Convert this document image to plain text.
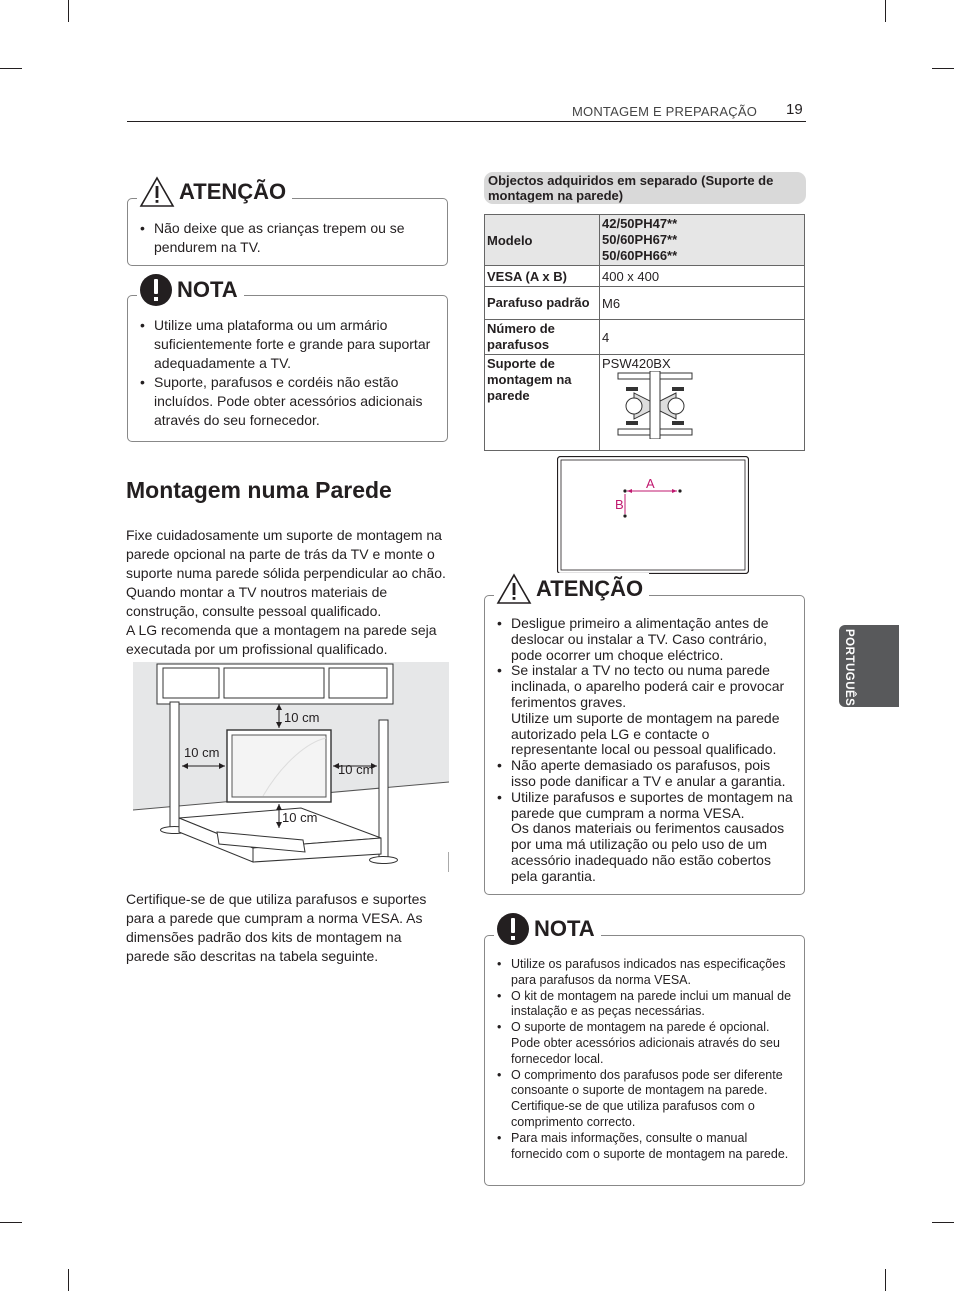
MONTAGEM E PREPARAÇÃO 19
PORTUGUÊS
ATENÇÃO
• Não deixe que as crianças trepem ou se pendurem na TV.
NOTA
• Utilize uma plataforma ou um armário suficientemente forte e grande para suportar adequadamente a TV.
• Suporte, parafusos e cordéis não estão incluídos. Pode obter acessórios adicionais através do seu fornecedor.
Montagem numa Parede
Fixe cuidadosamente um suporte de montagem na parede opcional na parte de trás da TV e monte o suporte numa parede sólida perpendicular ao chão. Quando montar a TV noutros materiais de construção, consulte pessoal qualificado.
A LG recomenda que a montagem na parede seja executada por um profissional qualificado.
10 cm
10 cm
10 cm
10 cm
Certifique-se de que utiliza parafusos e suportes para a parede que cumpram a norma VESA. As dimensões padrão dos kits de montagem na parede são descritas na tabela seguinte.
Objectos adquiridos em separado (Suporte de montagem na parede)
Modelo	42/50PH47**
50/60PH67**
50/60PH66**

VESA (A x B)	400 x 400
Parafuso padrão	M6
Número de parafusos	4
Suporte de montagem na parede	PSW420BX
A
B
ATENÇÃO
• Desligue primeiro a alimentação antes de deslocar ou instalar a TV. Caso contrário, pode ocorrer um choque eléctrico.
• Se instalar a TV no tecto ou numa parede inclinada, o aparelho poderá cair e provocar ferimentos graves.
Utilize um suporte de montagem na parede autorizado pela LG e contacte o representante local ou pessoal qualificado.
• Não aperte demasiado os parafusos, pois isso pode danificar a TV e anular a garantia.
• Utilize parafusos e suportes de montagem na parede que cumpram a norma VESA.
Os danos materiais ou ferimentos causados por uma má utilização ou pelo uso de um acessório inadequado não estão cobertos pela garantia.
NOTA
• Utilize os parafusos indicados nas especificações para parafusos da norma VESA.
• O kit de montagem na parede inclui um manual de instalação e as peças necessárias.
• O suporte de montagem na parede é opcional. Pode obter acessórios adicionais através do seu fornecedor local.
• O comprimento dos parafusos pode ser diferente consoante o suporte de montagem na parede.
Certifique-se de que utiliza parafusos com o comprimento correcto.
• Para mais informações, consulte o manual fornecido com o suporte de montagem na parede.
